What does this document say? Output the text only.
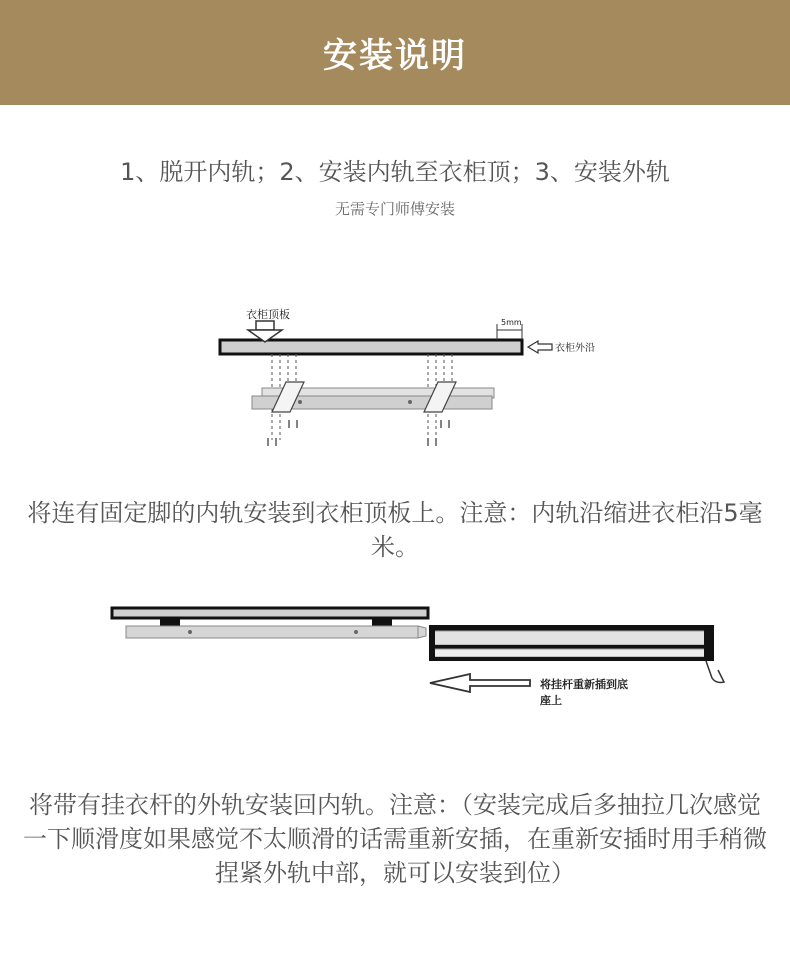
安装说明
1、脱开内轨；2、安装内轨至衣柜顶；3、安装外轨
无需专门师傅安装
衣柜顶板
5mm
衣柜外沿
将连有固定脚的内轨安装到衣柜顶板上。注意：内轨沿缩进衣柜沿5毫米。
将挂杆重新插到底
座上
将带有挂衣杆的外轨安装回内轨。注意：（安装完成后多抽拉几次感觉一下顺滑度如果感觉不太顺滑的话需重新安插，在重新安插时用手稍微捏紧外轨中部，就可以安装到位）
